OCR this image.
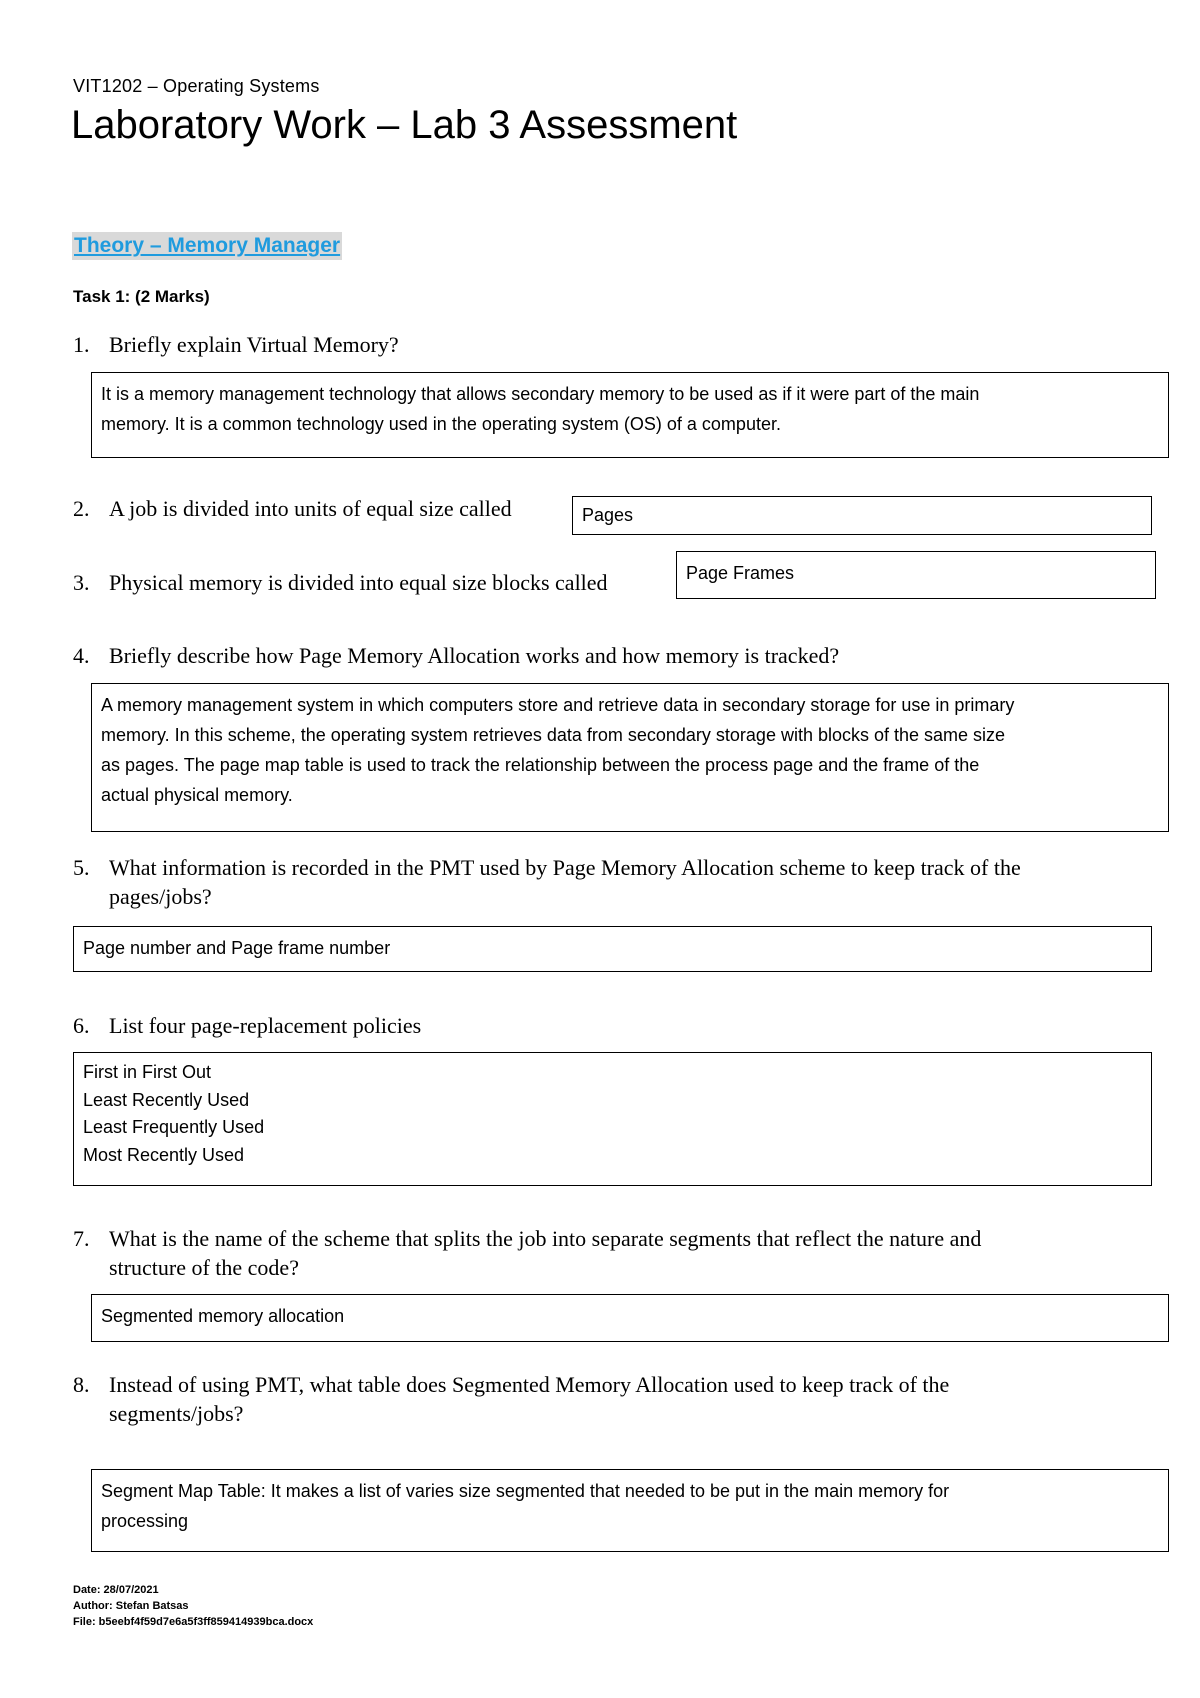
VIT1202 – Operating Systems
Laboratory Work – Lab 3 Assessment
Theory – Memory Manager
Task 1: (2 Marks)
1. Briefly explain Virtual Memory?
It is a memory management technology that allows secondary memory to be used as if it were part of the main
memory. It is a common technology used in the operating system (OS) of a computer.
2. A job is divided into units of equal size called	Pages
3. Physical memory is divided into equal size blocks called	Page Frames
4. Briefly describe how Page Memory Allocation works and how memory is tracked?
A memory management system in which computers store and retrieve data in secondary storage for use in primary
memory. In this scheme, the operating system retrieves data from secondary storage with blocks of the same size
as pages. The page map table is used to track the relationship between the process page and the frame of the
actual physical memory.
5. What information is recorded in the PMT used by Page Memory Allocation scheme to keep track of the
pages/jobs?
Page number and Page frame number
6. List four page-replacement policies
First in First Out
Least Recently Used
Least Frequently Used
Most Recently Used
7. What is the name of the scheme that splits the job into separate segments that reflect the nature and
structure of the code?
Segmented memory allocation
8. Instead of using PMT, what table does Segmented Memory Allocation used to keep track of the
segments/jobs?
Segment Map Table: It makes a list of varies size segmented that needed to be put in the main memory for
processing
Date: 28/07/2021
Author: Stefan Batsas
File: b5eebf4f59d7e6a5f3ff859414939bca.docx
